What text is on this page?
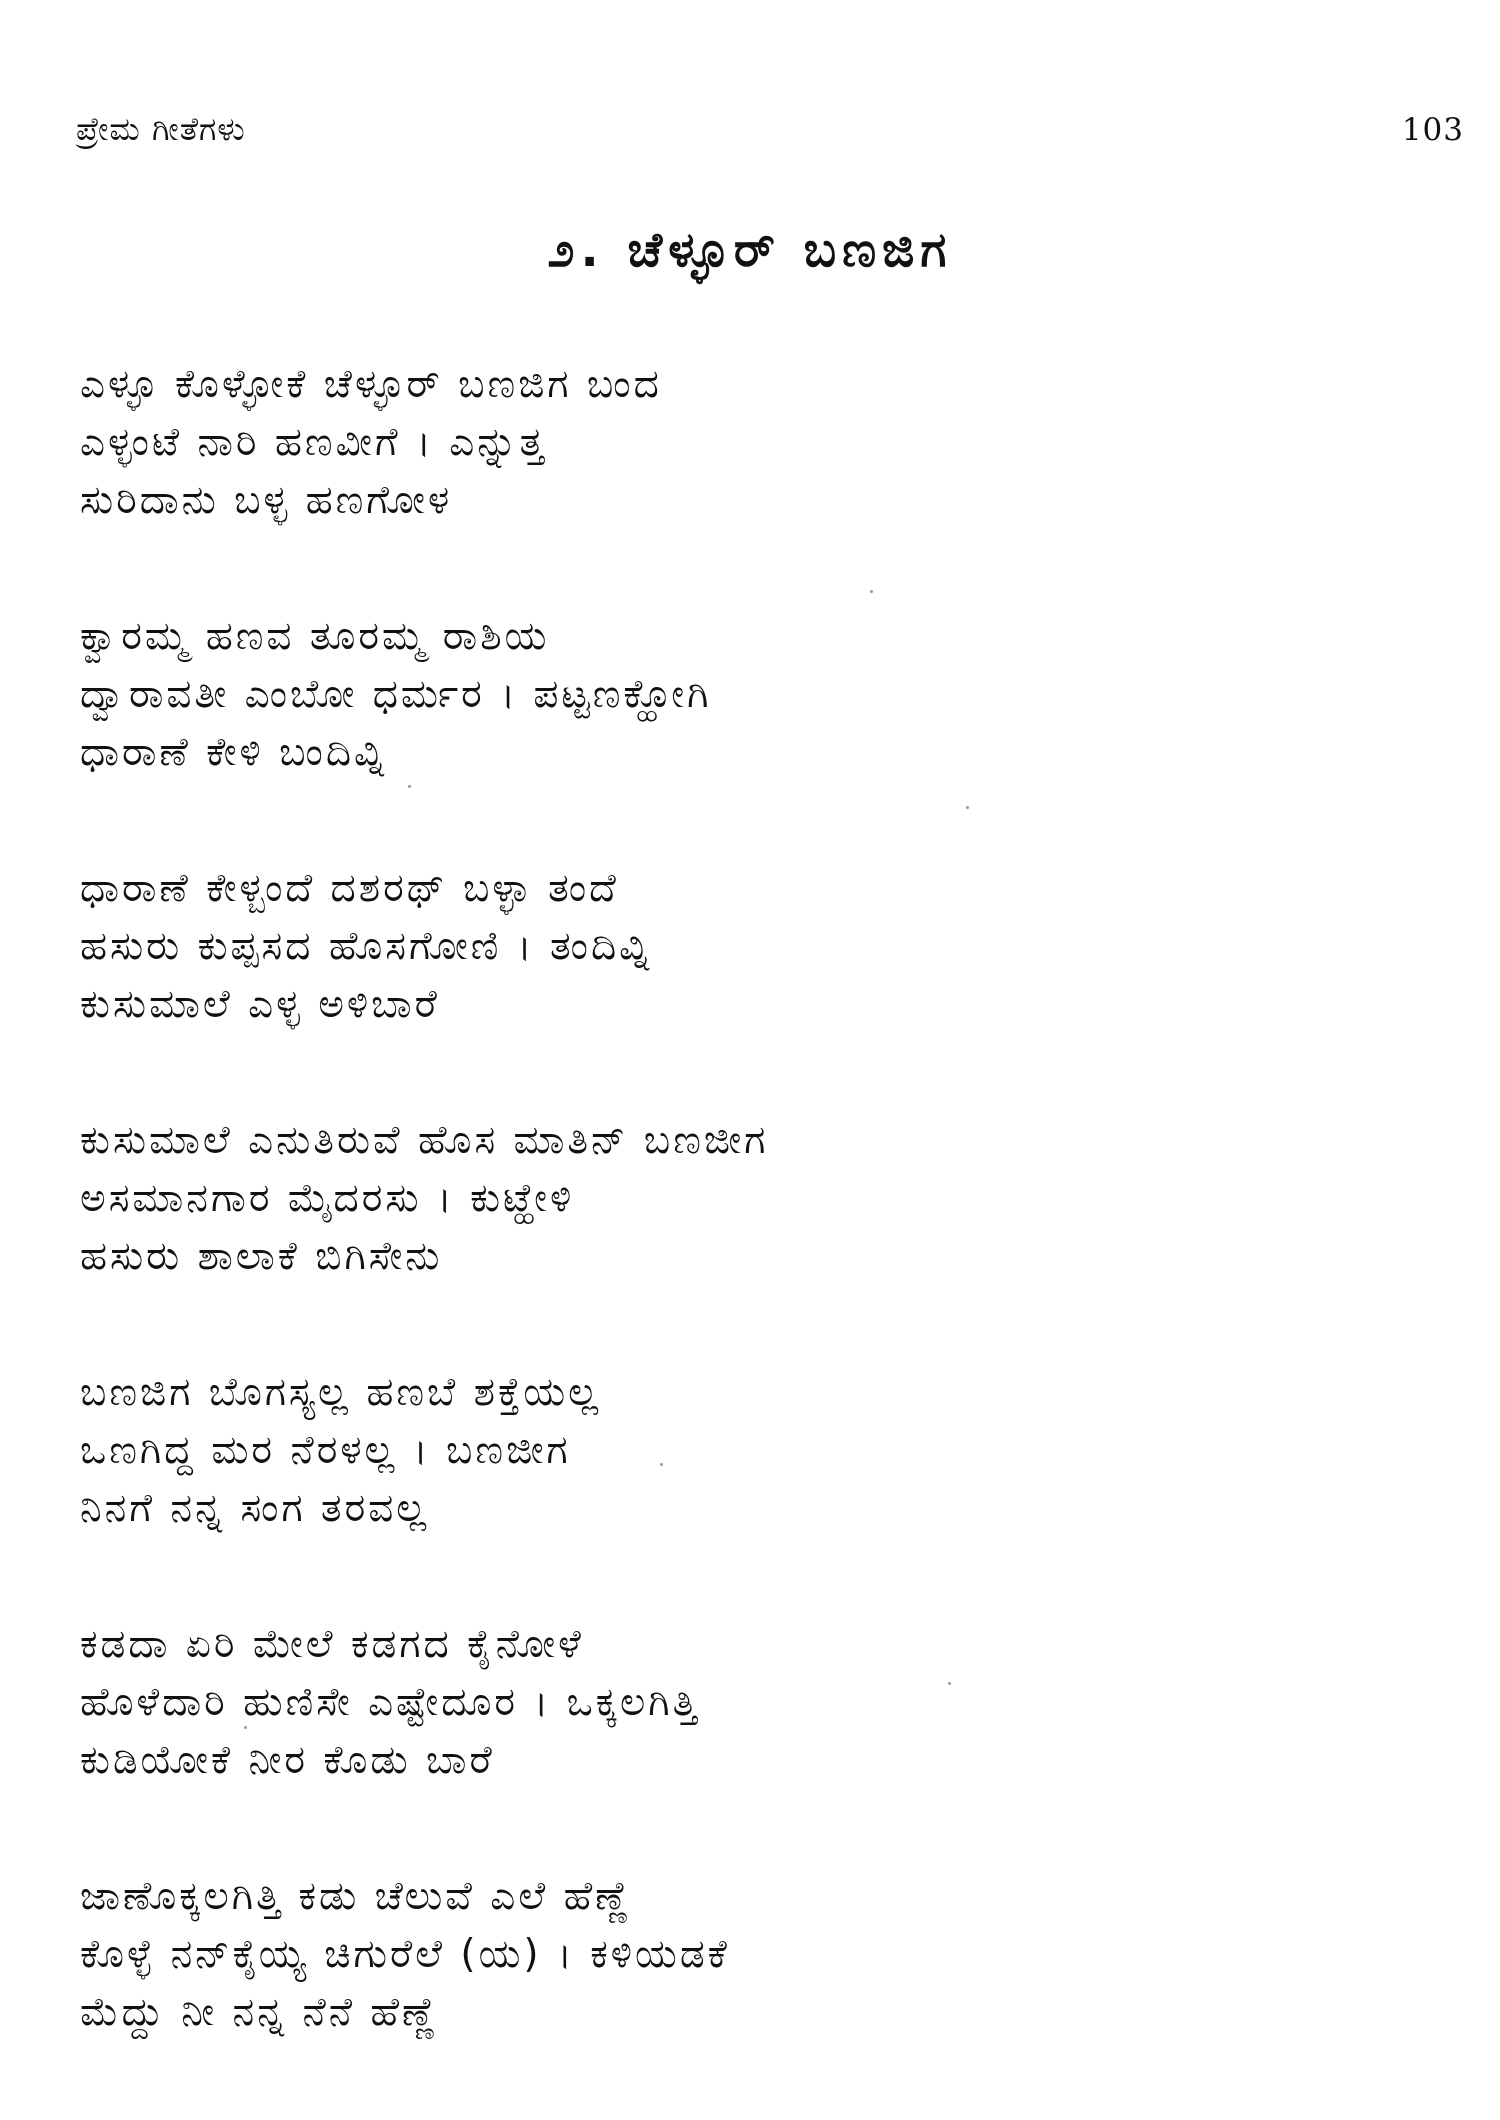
ಪ್ರೇಮ ಗೀತೆಗಳು	103
೨. ಚೆಳ್ಳೂರ್ ಬಣಜಿಗ
ಎಳ್ಳೂ ಕೊಳ್ಳೋಕೆ ಚೆಳ್ಳೂರ್ ಬಣಜಿಗ ಬಂದ
ಎಳ್ಳಂಟೆ ನಾರಿ ಹಣವೀಗೆ । ಎನ್ನುತ್ತ
ಸುರಿದಾನು ಬಳ್ಳ ಹಣಗೋಳ
ಕ್ವಾರಮ್ಮ ಹಣವ ತೂರಮ್ಮ ರಾಶಿಯ
ದ್ವಾರಾವತೀ ಎಂಬೋ ಧರ್ಮರ । ಪಟ್ಟಣಕ್ಹೋಗಿ
ಧಾರಾಣೆ ಕೇಳಿ ಬಂದಿವ್ನಿ
ಧಾರಾಣೆ ಕೇಳ್ಬಂದೆ ದಶರಥ್ ಬಳ್ಳಾ ತಂದೆ
ಹಸುರು ಕುಪ್ಪಸದ ಹೊಸಗೋಣಿ । ತಂದಿವ್ನಿ
ಕುಸುಮಾಲೆ ಎಳ್ಳ ಅಳಿಬಾರೆ
ಕುಸುಮಾಲೆ ಎನುತಿರುವೆ ಹೊಸ ಮಾತಿನ್ ಬಣಜೀಗ
ಅಸಮಾನಗಾರ ಮೈದರಸು । ಕುಟ್ಹೇಳಿ
ಹಸುರು ಶಾಲಾಕೆ ಬಿಗಿಸೇನು
ಬಣಜಿಗ ಬೊಗಸ್ಯಲ್ಲ ಹಣಬೆ ಶಕ್ತೆಯಲ್ಲ
ಒಣಗಿದ್ದ ಮರ ನೆರಳಲ್ಲ । ಬಣಜೀಗ
ನಿನಗೆ ನನ್ನ ಸಂಗ ತರವಲ್ಲ
ಕಡದಾ ಏರಿ ಮೇಲೆ ಕಡಗದ ಕೈನೋಳೆ
ಹೊಳೆದಾರಿ ಹುಣಿಸೇ ಎಷ್ಟೇದೂರ । ಒಕ್ಕಲಗಿತ್ತಿ
ಕುಡಿಯೋಕೆ ನೀರ ಕೊಡು ಬಾರೆ
ಜಾಣೊಕ್ಕಲಗಿತ್ತಿ ಕಡು ಚೆಲುವೆ ಎಲೆ ಹೆಣ್ಣೆ
ಕೊಳ್ಳೆ ನನ್‌ಕೈಯ್ಯ ಚಿಗುರೆಲೆ (ಯ) । ಕಳಿಯಡಕೆ
ಮೆದ್ದು ನೀ ನನ್ನ ನೆನೆ ಹೆಣ್ಣೆ
